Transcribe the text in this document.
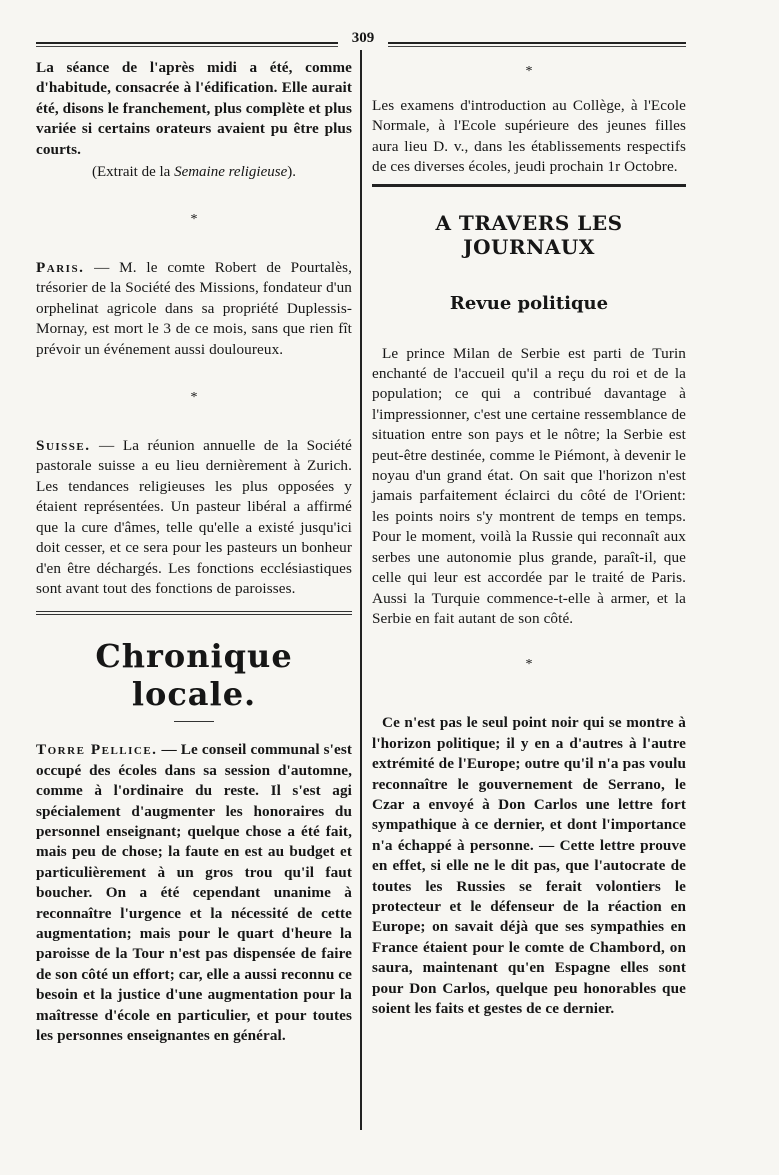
309

La séance de l'après midi a été, comme d'habitude, consacrée à l'édification. Elle aurait été, disons le franchement, plus complète et plus variée si certains orateurs avaient pu être plus courts.

(Extrait de la Semaine religieuse).
*

Paris. — M. le comte Robert de Pourtalès, trésorier de la Société des Missions, fondateur d'un orphelinat agricole dans sa propriété Duplessis-Mornay, est mort le 3 de ce mois, sans que rien fît prévoir un événement aussi douloureux.

*

Suisse. — La réunion annuelle de la Société pastorale suisse a eu lieu dernièrement à Zurich. Les tendances religieuses les plus opposées y étaient représentées. Un pasteur libéral a affirmé que la cure d'âmes, telle qu'elle a existé jusqu'ici doit cesser, et ce sera pour les pasteurs un bonheur d'en être déchargés. Les fonctions ecclésiastiques sont avant tout des fonctions de paroisses.

Chronique locale.

Torre Pellice. — Le conseil communal s'est occupé des écoles dans sa session d'automne, comme à l'ordinaire du reste. Il s'est agi spécialement d'augmenter les honoraires du personnel enseignant; quelque chose a été fait, mais peu de chose; la faute en est au budget et particulièrement à un gros trou qu'il faut boucher. On a été cependant unanime à reconnaître l'urgence et la nécessité de cette augmentation; mais pour le quart d'heure la paroisse de la Tour n'est pas dispensée de faire de son côté un effort; car, elle a aussi reconnu ce besoin et la justice d'une augmentation pour la maîtresse d'école en particulier, et pour toutes les personnes enseignantes en général.

*

Les examens d'introduction au Collège, à l'Ecole Normale, à l'Ecole supérieure des jeunes filles aura lieu D. v., dans les établissements respectifs de ces diverses écoles, jeudi prochain 1r Octobre.

A TRAVERS LES JOURNAUX
Revue politique

Le prince Milan de Serbie est parti de Turin enchanté de l'accueil qu'il a reçu du roi et de la population; ce qui a contribué davantage à l'impressionner, c'est une certaine ressemblance de situation entre son pays et le nôtre; la Serbie est peut-être destinée, comme le Piémont, à devenir le noyau d'un grand état. On sait que l'horizon n'est jamais parfaitement éclairci du côté de l'Orient: les points noirs s'y montrent de temps en temps. Pour le moment, voilà la Russie qui reconnaît aux serbes une autonomie plus grande, paraît-il, que celle qui leur est accordée par le traité de Paris. Aussi la Turquie commence-t-elle à armer, et la Serbie en fait autant de son côté.

*

Ce n'est pas le seul point noir qui se montre à l'horizon politique; il y en a d'autres à l'autre extrémité de l'Europe; outre qu'il n'a pas voulu reconnaître le gouvernement de Serrano, le Czar a envoyé à Don Carlos une lettre fort sympathique à ce dernier, et dont l'importance n'a échappé à personne. — Cette lettre prouve en effet, si elle ne le dit pas, que l'autocrate de toutes les Russies se ferait volontiers le protecteur et le défenseur de la réaction en Europe; on savait déjà que ses sympathies en France étaient pour le comte de Chambord, on saura, maintenant qu'en Espagne elles sont pour Don Carlos, quelque peu honorables que soient les faits et gestes de ce dernier.
